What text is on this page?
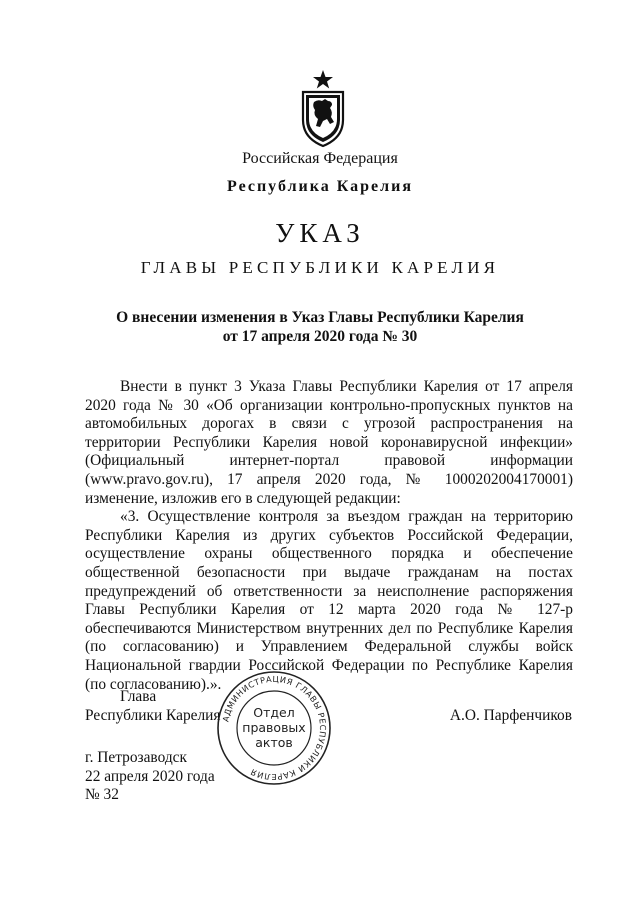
Российская Федерация
Республика Карелия
УКАЗ
ГЛАВЫ РЕСПУБЛИКИ КАРЕЛИЯ
О внесении изменения в Указ Главы Республики Карелия
от 17 апреля 2020 года № 30

Внести в пункт 3 Указа Главы Республики Карелия от 17 апреля 2020 года № 30 «Об организации контрольно-пропускных пунктов на автомобильных дорогах в связи с угрозой распространения на территории Республики Карелия новой коронавирусной инфекции» (Официальный интернет-портал правовой информации (www.pravo.gov.ru), 17 апреля 2020 года, № 1000202004170001) изменение, изложив его в следующей редакции:

«3. Осуществление контроля за въездом граждан на территорию Республики Карелия из других субъектов Российской Федерации, осуществление охраны общественного порядка и обеспечение общественной безопасности при выдаче гражданам на постах предупреждений об ответственности за неисполнение распоряжения Главы Республики Карелия от 12 марта 2020 года № 127-р обеспечиваются Министерством внутренних дел по Республике Карелия (по согласованию) и Управлением Федеральной службы войск Национальной гвардии Российской Федерации по Республике Карелия (по согласованию).».

Глава
Республики Карелия АДМИНИСТРАЦИЯ ГЛАВЫ РЕСПУБЛИКИ КАРЕЛИЯ
Отдел
правовых
актов
А.О. Парфенчиков
г. Петрозаводск
22 апреля 2020 года
№ 32
